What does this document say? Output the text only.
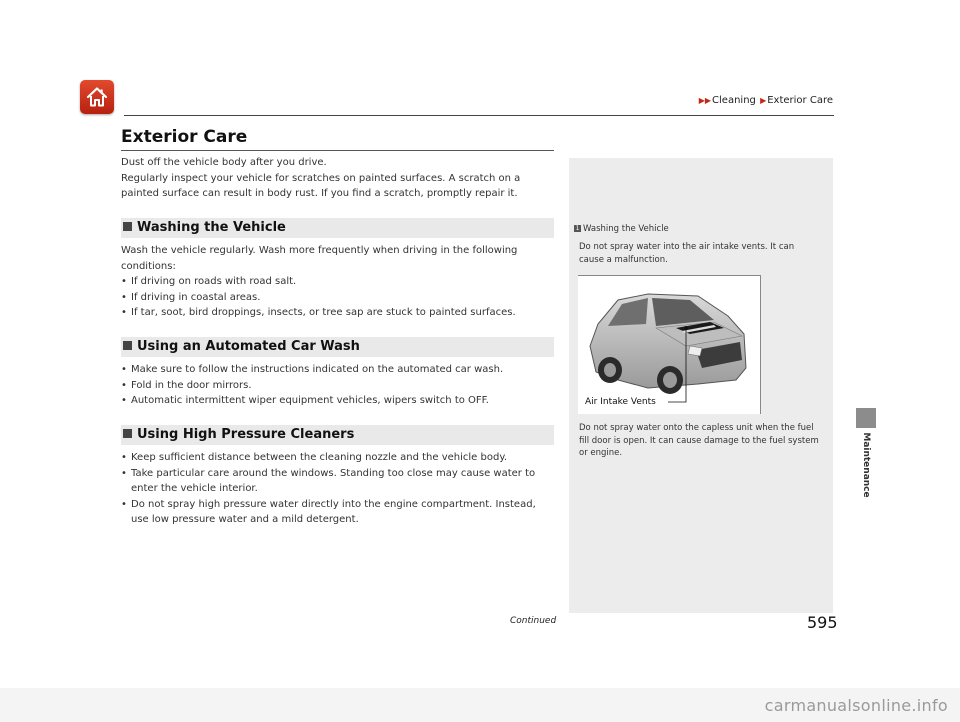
▶▶Cleaning ▶Exterior Care
Exterior Care
Dust off the vehicle body after you drive.
Regularly inspect your vehicle for scratches on painted surfaces. A scratch on a painted surface can result in body rust. If you find a scratch, promptly repair it.
Washing the Vehicle
Wash the vehicle regularly. Wash more frequently when driving in the following conditions:
• If driving on roads with road salt.
• If driving in coastal areas.
• If tar, soot, bird droppings, insects, or tree sap are stuck to painted surfaces.
Using an Automated Car Wash
• Make sure to follow the instructions indicated on the automated car wash.
• Fold in the door mirrors.
• Automatic intermittent wiper equipment vehicles, wipers switch to OFF.
Using High Pressure Cleaners
• Keep sufficient distance between the cleaning nozzle and the vehicle body.
• Take particular care around the windows. Standing too close may cause water to enter the vehicle interior.
• Do not spray high pressure water directly into the engine compartment. Instead, use low pressure water and a mild detergent.
1 Washing the Vehicle
Do not spray water into the air intake vents. It can cause a malfunction.
Air Intake Vents
Do not spray water onto the capless unit when the fuel fill door is open. It can cause damage to the fuel system or engine.	Maintenance
Continued	595
carmanualsonline.info
